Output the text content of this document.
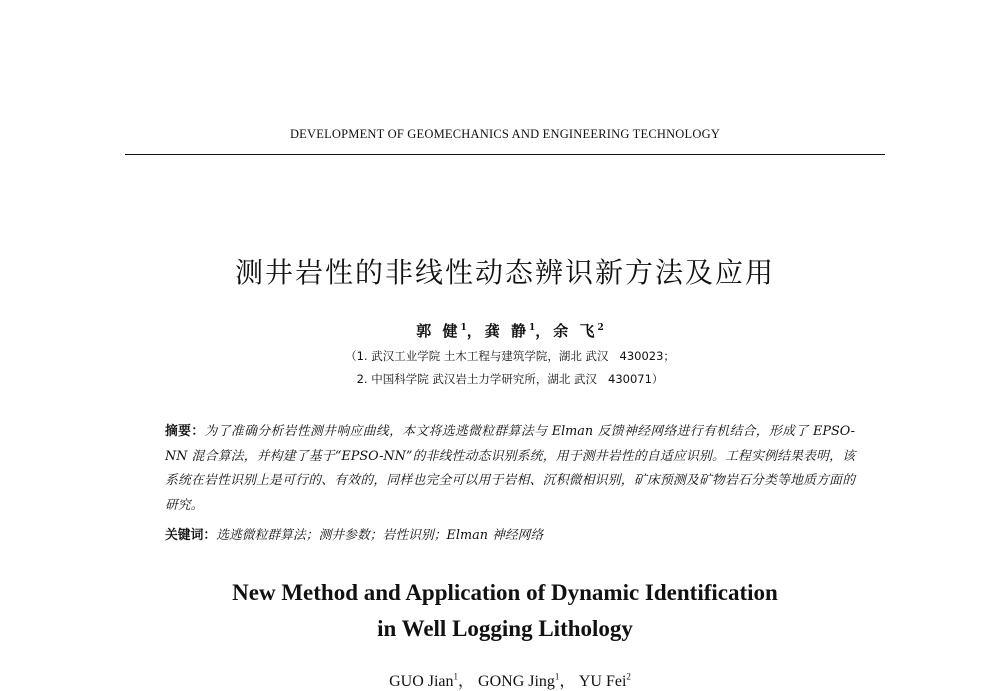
DEVELOPMENT OF GEOMECHANICS AND ENGINEERING TECHNOLOGY
测井岩性的非线性动态辨识新方法及应用
郭 健$^1$，龚 静$^1$，余 飞$^2$
（1. 武汉工业学院 土木工程与建筑学院，湖北 武汉   430023；
2. 中国科学院 武汉岩土力学研究所，湖北 武汉   430071）
摘要：为了准确分析岩性测井响应曲线，本文将选逃微粒群算法与 Elman 反馈神经网络进行有机结合，形成了 EPSO-NN 混合算法，并构建了基于“EPSO-NN”的非线性动态识别系统，用于测井岩性的自适应识别。工程实例结果表明，该系统在岩性识别上是可行的、有效的，同样也完全可以用于岩相、沉积微相识别，矿床预测及矿物岩石分类等地质方面的研究。
关键词：选逃微粒群算法；测井参数；岩性识别；Elman 神经网络
New Method and Application of Dynamic Identification
in Well Logging Lithology
GUO Jian$^1$， GONG Jing$^1$， YU Fei$^2$
